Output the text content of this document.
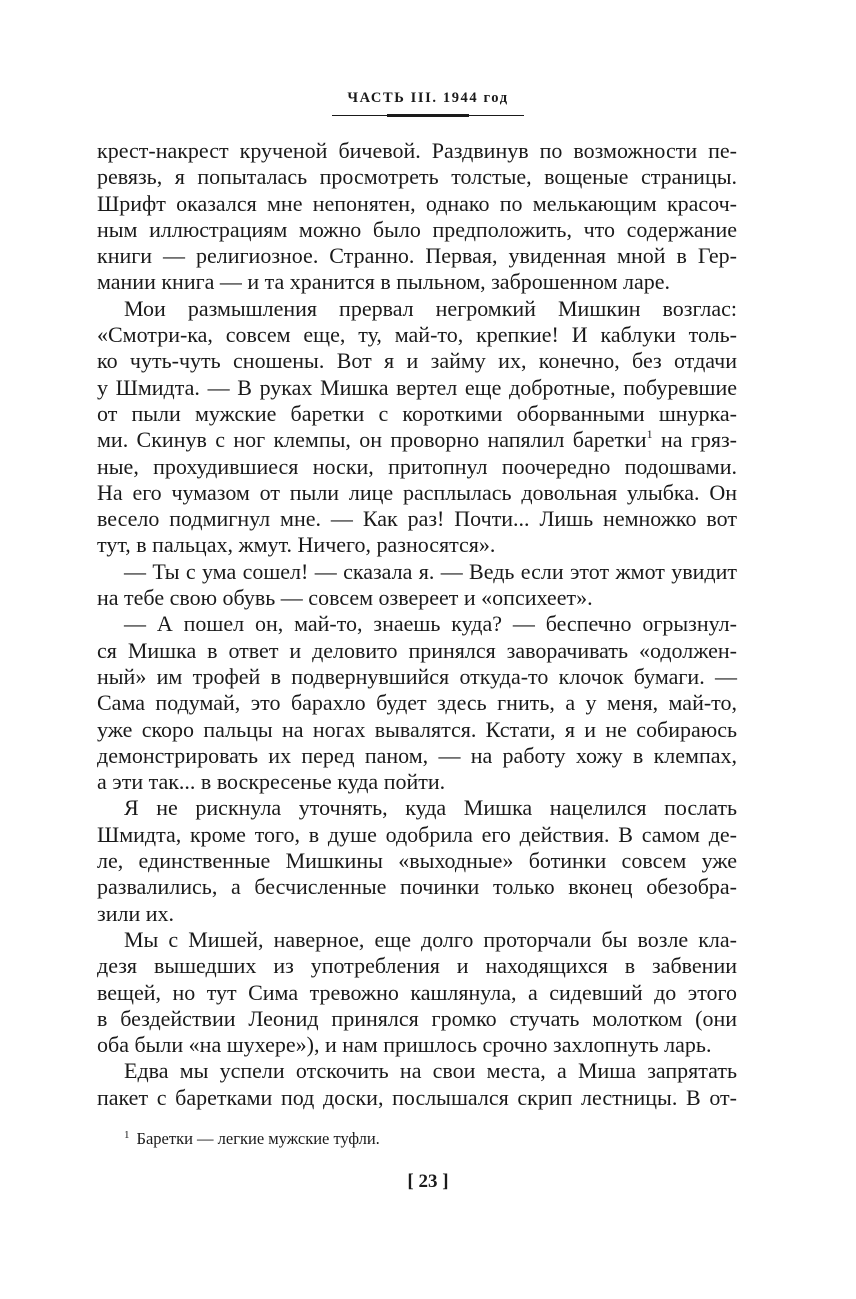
ЧАСТЬ III. 1944 год

крест-накрест крученой бичевой. Раздвинув по возможности пе-
ревязь, я попыталась просмотреть толстые, вощеные страницы.
Шрифт оказался мне непонятен, однако по мелькающим красоч-
ным иллюстрациям можно было предположить, что содержание
книги — религиозное. Странно. Первая, увиденная мной в Гер-
мании книга — и та хранится в пыльном, заброшенном ларе.
Мои размышления прервал негромкий Мишкин возглас:
«Смотри-ка, совсем еще, ту, май-то, крепкие! И каблуки толь-
ко чуть-чуть сношены. Вот я и займу их, конечно, без отдачи
у Шмидта. — В руках Мишка вертел еще добротные, побуревшие
от пыли мужские баретки с короткими оборванными шнурка-
ми. Скинув с ног клемпы, он проворно напялил баретки$^1$ на гряз-
ные, прохудившиеся носки, притопнул поочередно подошвами.
На его чумазом от пыли лице расплылась довольная улыбка. Он
весело подмигнул мне. — Как раз! Почти... Лишь немножко вот
тут, в пальцах, жмут. Ничего, разносятся».
— Ты с ума сошел! — сказала я. — Ведь если этот жмот увидит
на тебе свою обувь — совсем озвереет и «опсихеет».
— А пошел он, май-то, знаешь куда? — беспечно огрызнул-
ся Мишка в ответ и деловито принялся заворачивать «одолжен-
ный» им трофей в подвернувшийся откуда-то клочок бумаги. —
Сама подумай, это барахло будет здесь гнить, а у меня, май-то,
уже скоро пальцы на ногах вывалятся. Кстати, я и не собираюсь
демонстрировать их перед паном, — на работу хожу в клемпах,
а эти так... в воскресенье куда пойти.
Я не рискнула уточнять, куда Мишка нацелился послать
Шмидта, кроме того, в душе одобрила его действия. В самом де-
ле, единственные Мишкины «выходные» ботинки совсем уже
развалились, а бесчисленные починки только вконец обезобра-
зили их.
Мы с Мишей, наверное, еще долго проторчали бы возле кла-
дезя вышедших из употребления и находящихся в забвении
вещей, но тут Сима тревожно кашлянула, а сидевший до этого
в бездействии Леонид принялся громко стучать молотком (они
оба были «на шухере»), и нам пришлось срочно захлопнуть ларь.
Едва мы успели отскочить на свои места, а Миша запрятать
пакет с баретками под доски, послышался скрип лестницы. В от-
$^1$ Баретки — легкие мужские туфли.
[ 23 ]
